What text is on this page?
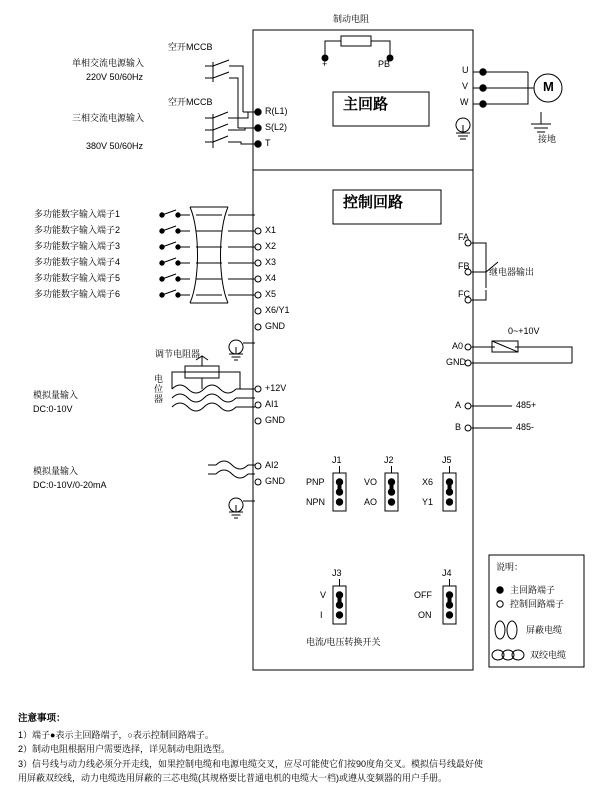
主回路
控制回路
制动电阻
+	PB
空开MCCB
空开MCCB
单相交流电源输入
220V 50/60Hz
三相交流电源输入
380V 50/60Hz
R(L1)
S(L2)
T
U
V
W
M
接地
多功能数字输入端子1
多功能数字输入端子2
多功能数字输入端子3
多功能数字输入端子4
多功能数字输入端子5
多功能数字输入端子6
X1
X2
X3
X4
X5
X6/Y1
GND
调节电阻器
电位器
模拟量输入
DC:0-10V
+12V
AI1
GND
模拟量输入
DC:0-10V/0-20mA
AI2
GND
FA
FB
FC
继电器输出
0~+10V
A0
GND
A
B
485+
485-
J1
PNP
NPN
J2
VO
AO
J5
X6
Y1
J3
V
I
J4
OFF
ON
电流/电压转换开关
说明：
主回路端子
控制回路端子
屏蔽电缆
双绞电缆
注意事项：

1）端子●表示主回路端子，○表示控制回路端子。

2）制动电阻根据用户需要选择，详见制动电阻选型。

3）信号线与动力线必须分开走线，如果控制电缆和电源电缆交叉，应尽可能使它们按90度角交叉。模拟信号线最好使

用屏蔽双绞线，动力电缆选用屏蔽的三芯电缆(其规格要比普通电机的电缆大一档)或遵从变频器的用户手册。
